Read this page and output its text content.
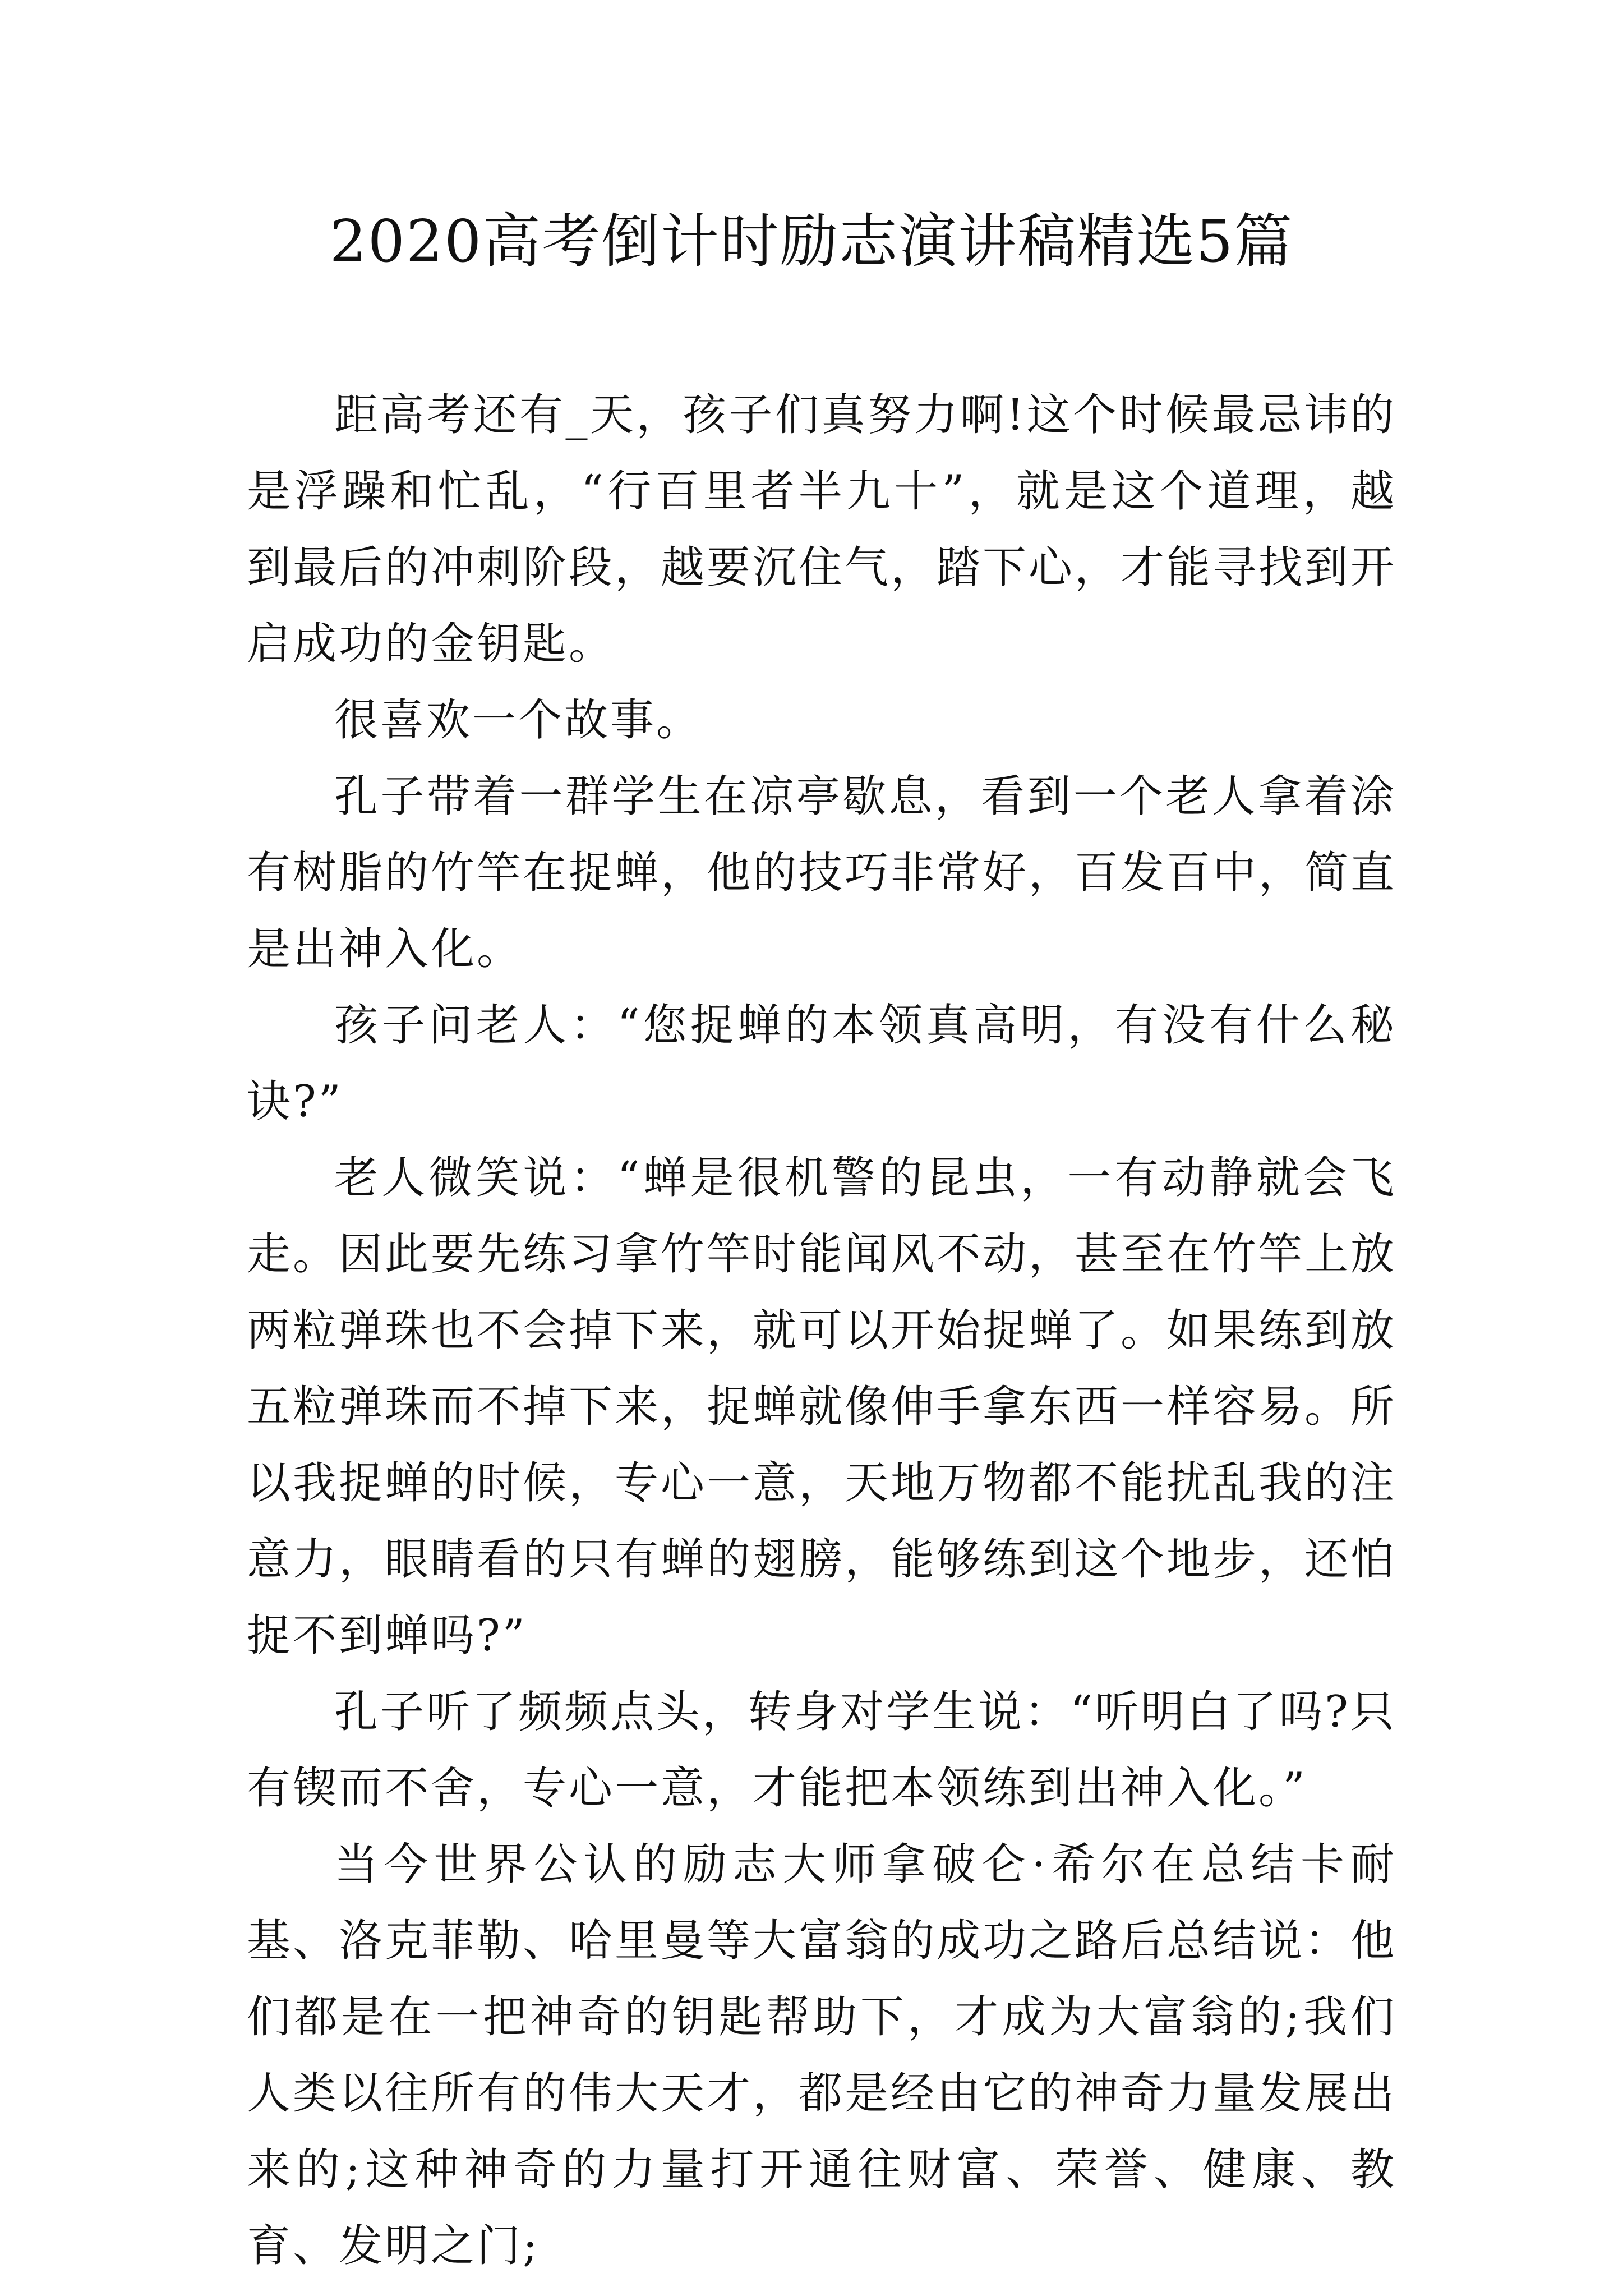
2020高考倒计时励志演讲稿精选5篇

距高考还有_天，孩子们真努力啊!这个时候最忌讳的是浮躁和忙乱，“行百里者半九十”，就是这个道理，越到最后的冲刺阶段，越要沉住气，踏下心，才能寻找到开启成功的金钥匙。

很喜欢一个故事。

孔子带着一群学生在凉亭歇息，看到一个老人拿着涂有树脂的竹竿在捉蝉，他的技巧非常好，百发百中，简直是出神入化。

孩子问老人：“您捉蝉的本领真高明，有没有什么秘诀?”

老人微笑说：“蝉是很机警的昆虫，一有动静就会飞走。因此要先练习拿竹竿时能闻风不动，甚至在竹竿上放两粒弹珠也不会掉下来，就可以开始捉蝉了。如果练到放五粒弹珠而不掉下来，捉蝉就像伸手拿东西一样容易。所以我捉蝉的时候，专心一意，天地万物都不能扰乱我的注意力，眼睛看的只有蝉的翅膀，能够练到这个地步，还怕捉不到蝉吗?”

孔子听了频频点头，转身对学生说：“听明白了吗?只有锲而不舍，专心一意，才能把本领练到出神入化。”

当今世界公认的励志大师拿破仑·希尔在总结卡耐基、洛克菲勒、哈里曼等大富翁的成功之路后总结说：他们都是在一把神奇的钥匙帮助下，才成为大富翁的;我们人类以往所有的伟大天才，都是经由它的神奇力量发展出来的;这种神奇的力量打开通往财富、荣誉、健康、教育、发明之门;
